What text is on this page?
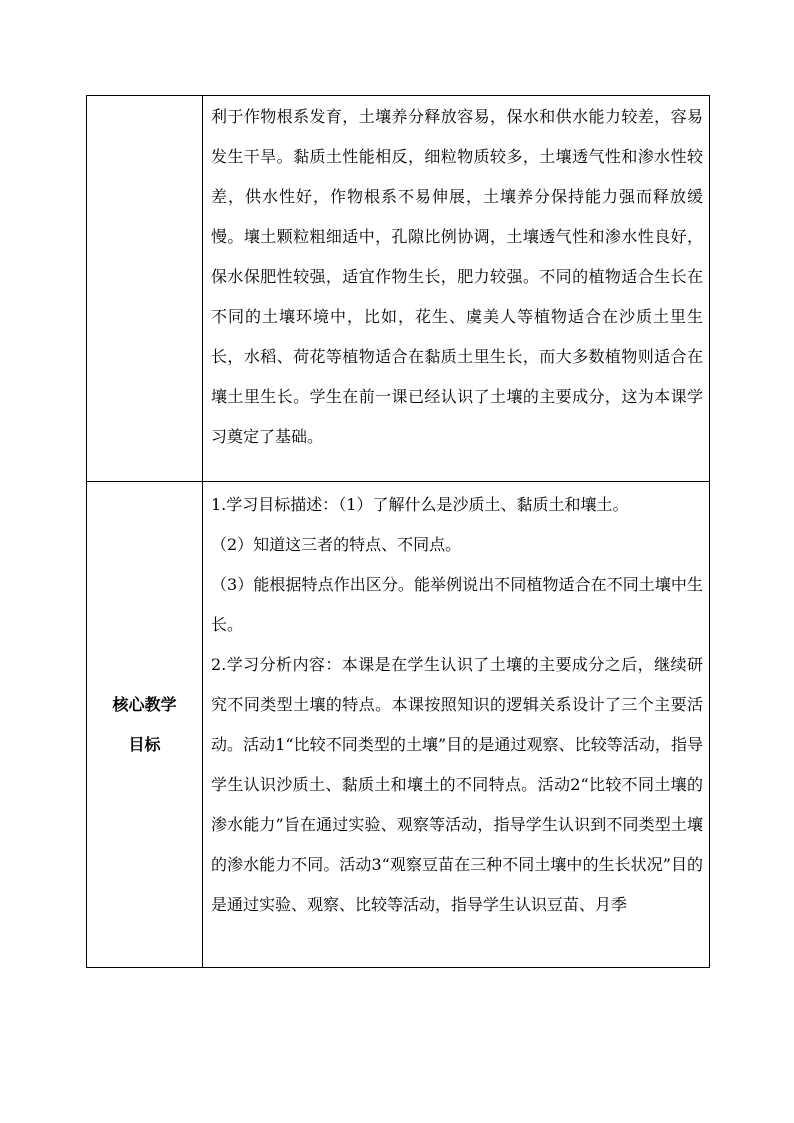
	利于作物根系发育，土壤养分释放容易，保水和供水能力较差，容易发生干旱。黏质土性能相反，细粒物质较多，土壤透气性和渗水性较差，供水性好，作物根系不易伸展，土壤养分保持能力强而释放缓慢。壤土颗粒粗细适中，孔隙比例协调，土壤透气性和渗水性良好，保水保肥性较强，适宜作物生长，肥力较强。不同的植物适合生长在不同的土壤环境中，比如，花生、虞美人等植物适合在沙质土里生长，水稻、荷花等植物适合在黏质土里生长，而大多数植物则适合在壤土里生长。学生在前一课已经认识了土壤的主要成分，这为本课学习奠定了基础。

核心教学目标	1.学习目标描述：（1）了解什么是沙质土、黏质土和壤土。
（2）知道这三者的特点、不同点。
（3）能根据特点作出区分。能举例说出不同植物适合在不同土壤中生长。
2.学习分析内容：本课是在学生认识了土壤的主要成分之后，继续研究不同类型土壤的特点。本课按照知识的逻辑关系设计了三个主要活动。活动1“比较不同类型的土壤”目的是通过观察、比较等活动，指导学生认识沙质土、黏质土和壤土的不同特点。活动2“比较不同土壤的渗水能力”旨在通过实验、观察等活动，指导学生认识到不同类型土壤的渗水能力不同。活动3“观察豆苗在三种不同土壤中的生长状况”目的是通过实验、观察、比较等活动，指导学生认识豆苗、月季
